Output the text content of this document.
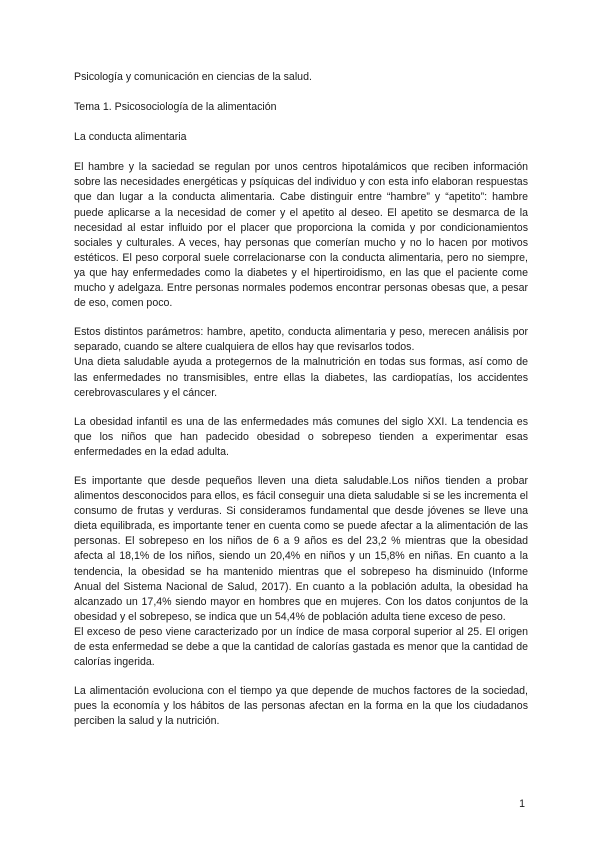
Psicología y comunicación en ciencias de la salud.

Tema 1. Psicosociología de la alimentación

La conducta alimentaria

El hambre y la saciedad se regulan por unos centros hipotalámicos que reciben información sobre las necesidades energéticas y psíquicas del individuo y con esta info elaboran respuestas que dan lugar a la conducta alimentaria. Cabe distinguir entre “hambre” y “apetito”: hambre puede aplicarse a la necesidad de comer y el apetito al deseo. El apetito se desmarca de la necesidad al estar influido por el placer que proporciona la comida y por condicionamientos sociales y culturales. A veces, hay personas que comerían mucho y no lo hacen por motivos estéticos. El peso corporal suele correlacionarse con la conducta alimentaria, pero no siempre, ya que hay enfermedades como la diabetes y el hipertiroidismo, en las que el paciente come mucho y adelgaza. Entre personas normales podemos encontrar personas obesas que, a pesar de eso, comen poco.

Estos distintos parámetros: hambre, apetito, conducta alimentaria y peso, merecen análisis por separado, cuando se altere cualquiera de ellos hay que revisarlos todos.

Una dieta saludable ayuda a protegernos de la malnutrición en todas sus formas, así como de las enfermedades no transmisibles, entre ellas la diabetes, las cardiopatías, los accidentes cerebrovasculares y el cáncer.

La obesidad infantil es una de las enfermedades más comunes del siglo XXI. La tendencia es que los niños que han padecido obesidad o sobrepeso tienden a experimentar esas enfermedades en la edad adulta.

Es importante que desde pequeños lleven una dieta saludable.Los niños tienden a probar alimentos desconocidos para ellos, es fácil conseguir una dieta saludable si se les incrementa el consumo de frutas y verduras. Si consideramos fundamental que desde jóvenes se lleve una dieta equilibrada, es importante tener en cuenta como se puede afectar a la alimentación de las personas. El sobrepeso en los niños de 6 a 9 años es del 23,2 % mientras que la obesidad afecta al 18,1% de los niños, siendo un 20,4% en niños y un 15,8% en niñas. En cuanto a la tendencia, la obesidad se ha mantenido mientras que el sobrepeso ha disminuido (Informe Anual del Sistema Nacional de Salud, 2017). En cuanto a la población adulta, la obesidad ha alcanzado un 17,4% siendo mayor en hombres que en mujeres. Con los datos conjuntos de la obesidad y el sobrepeso, se indica que un 54,4% de población adulta tiene exceso de peso.

El exceso de peso viene caracterizado por un índice de masa corporal superior al 25. El origen de esta enfermedad se debe a que la cantidad de calorías gastada es menor que la cantidad de calorías ingerida.

La alimentación evoluciona con el tiempo ya que depende de muchos factores de la sociedad, pues la economía y los hábitos de las personas afectan en la forma en la que los ciudadanos perciben la salud y la nutrición.

1
